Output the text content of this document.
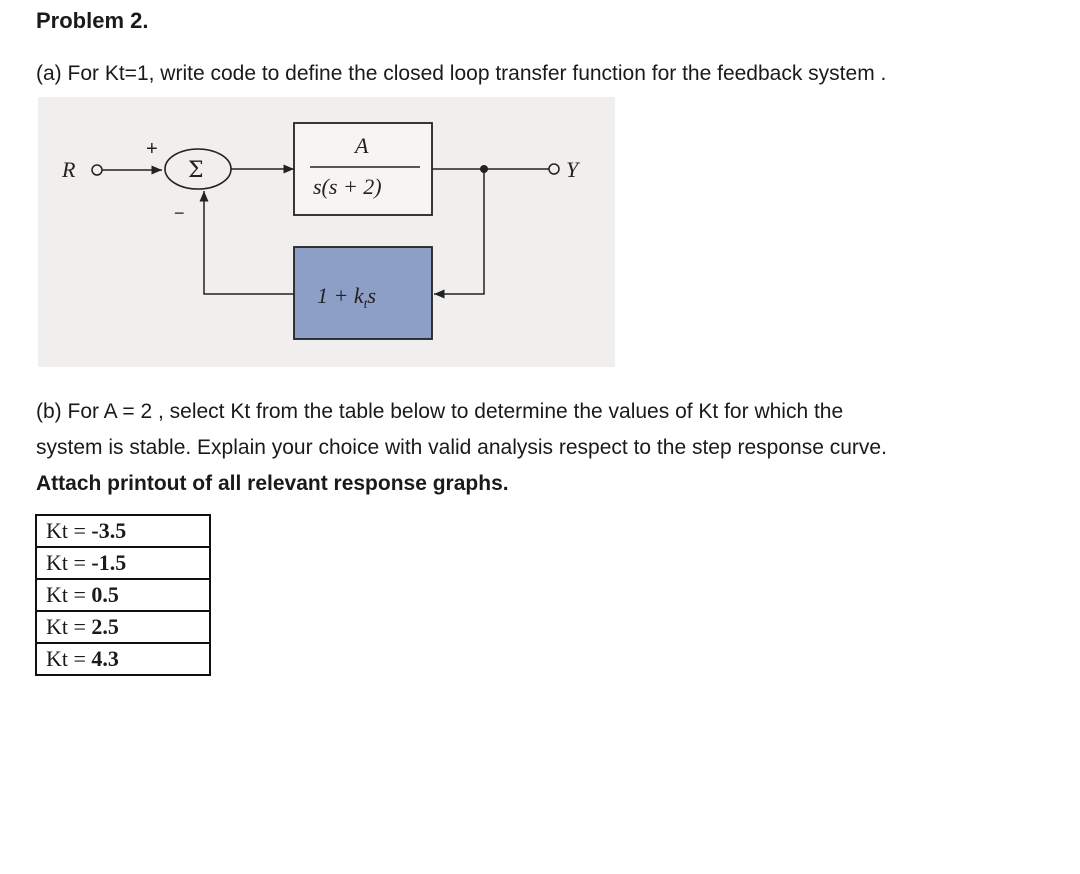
Problem 2.
(a) For Kt=1, write code to define the closed loop transfer function for the feedback system .
R
+
Σ
−
A
s(s + 2)
Y
$1 + k_ts$
(b) For A = 2 , select Kt from the table below to determine the values of Kt for which the
system is stable. Explain your choice with valid analysis respect to the step response curve.
Attach printout of all relevant response graphs.
Kt = -3.5
Kt = -1.5
Kt = 0.5
Kt = 2.5
Kt = 4.3
